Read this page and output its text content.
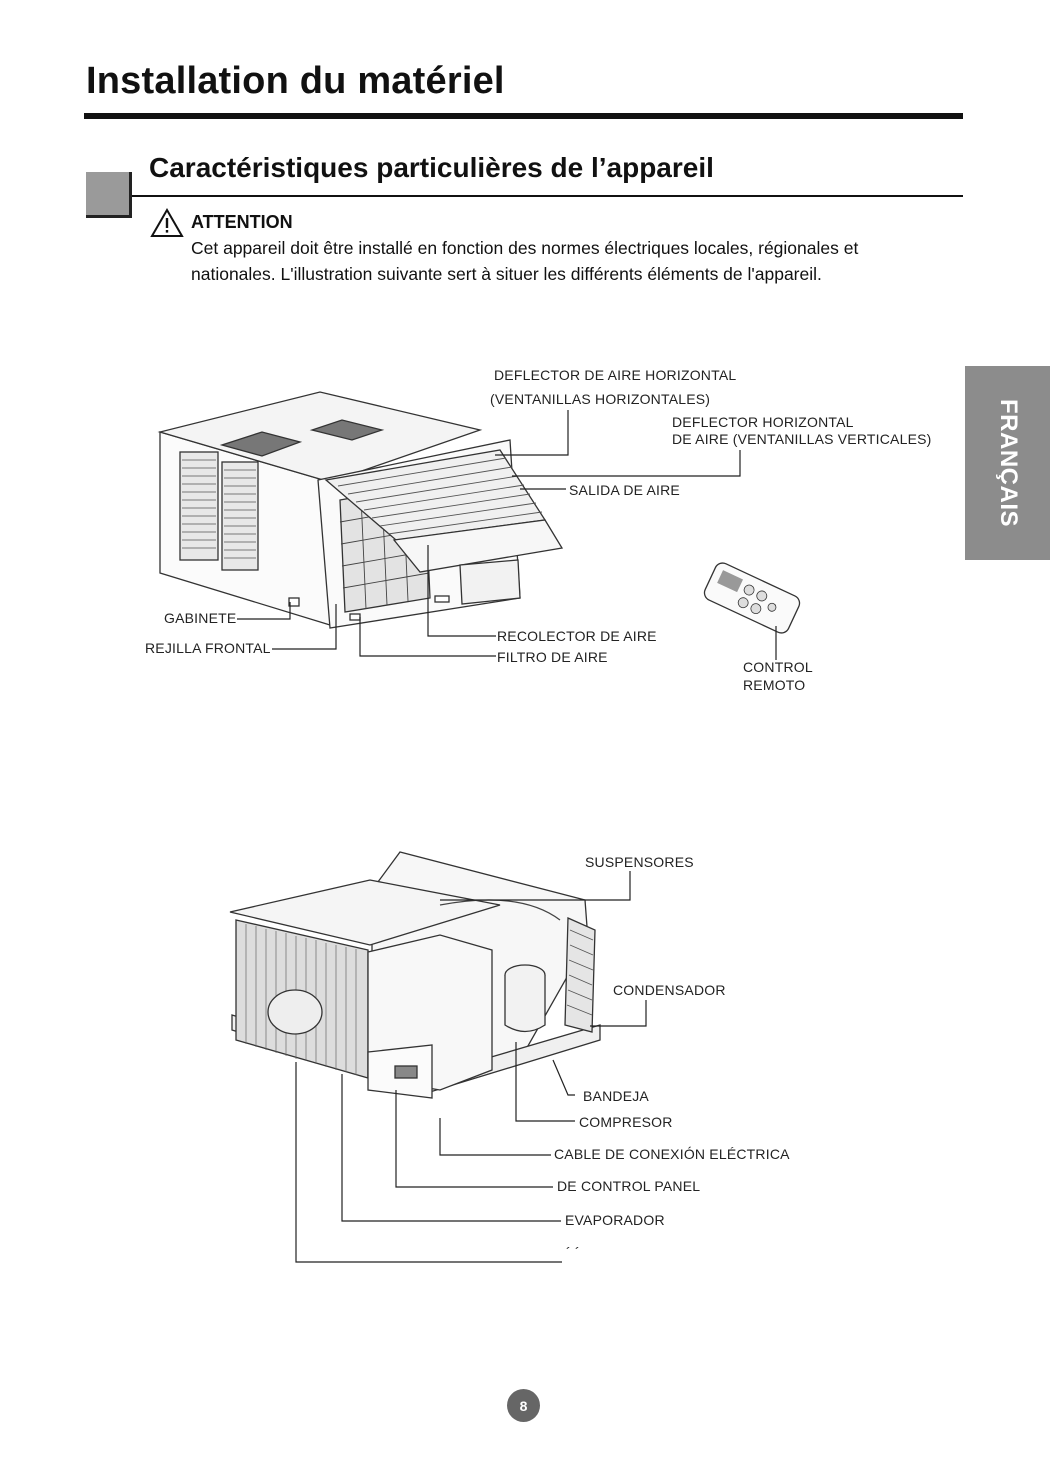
Installation du matériel
Caractéristiques particulières de l’appareil
ATTENTION
Cet appareil doit être installé en fonction des normes électriques locales, régionales et nationales. L'illustration suivante sert à situer les différents éléments de l'appareil.
FRANÇAIS
DEFLECTOR DE AIRE HORIZONTAL
(VENTANILLAS HORIZONTALES)
DEFLECTOR HORIZONTAL
DE AIRE (VENTANILLAS VERTICALES)
SALIDA DE AIRE
GABINETE
REJILLA FRONTAL
RECOLECTOR DE AIRE
FILTRO DE AIRE
CONTROL
REMOTO
SUSPENSORES
CONDENSADOR
BANDEJA
COMPRESOR
CABLE DE CONEXIÓN ELÉCTRICA
DE CONTROL PANEL
EVAPORADOR
´ ´
8
